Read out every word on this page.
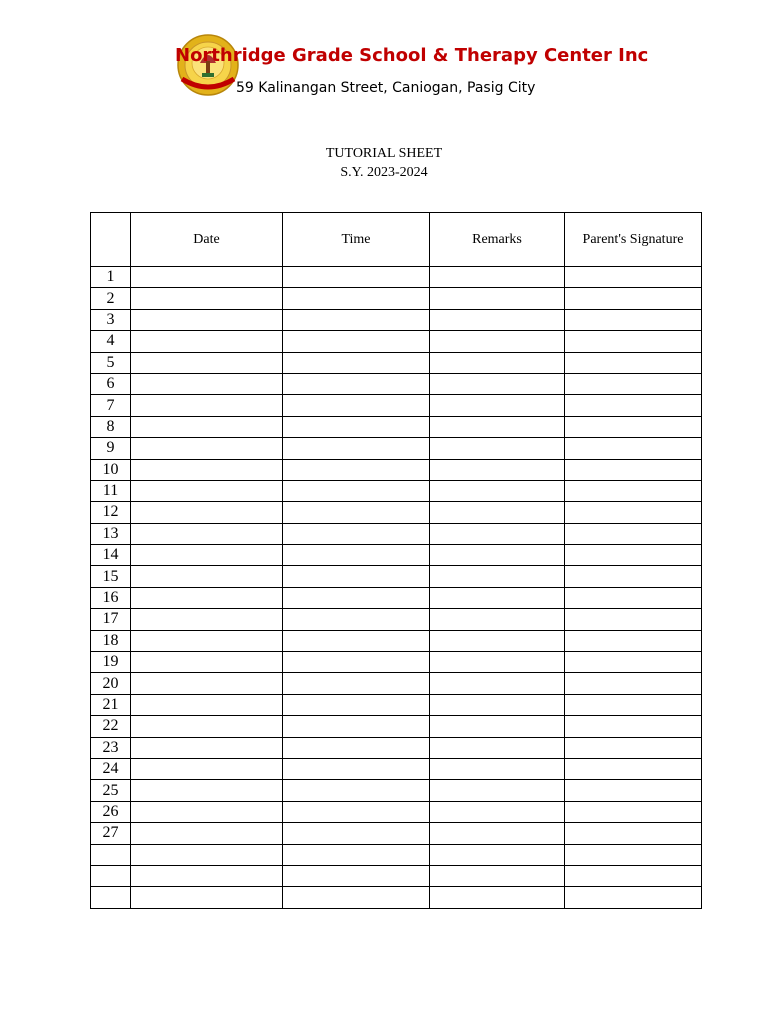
Northridge Grade School & Therapy Center Inc
59 Kalinangan Street, Caniogan, Pasig City
TUTORIAL SHEET
S.Y. 2023-2024
	Date	Time	Remarks	Parent's Signature
1				
2				
3				
4				
5				
6				
7				
8				
9				
10				
11				
12				
13				
14				
15				
16				
17				
18				
19				
20				
21				
22				
23				
24				
25				
26				
27				
